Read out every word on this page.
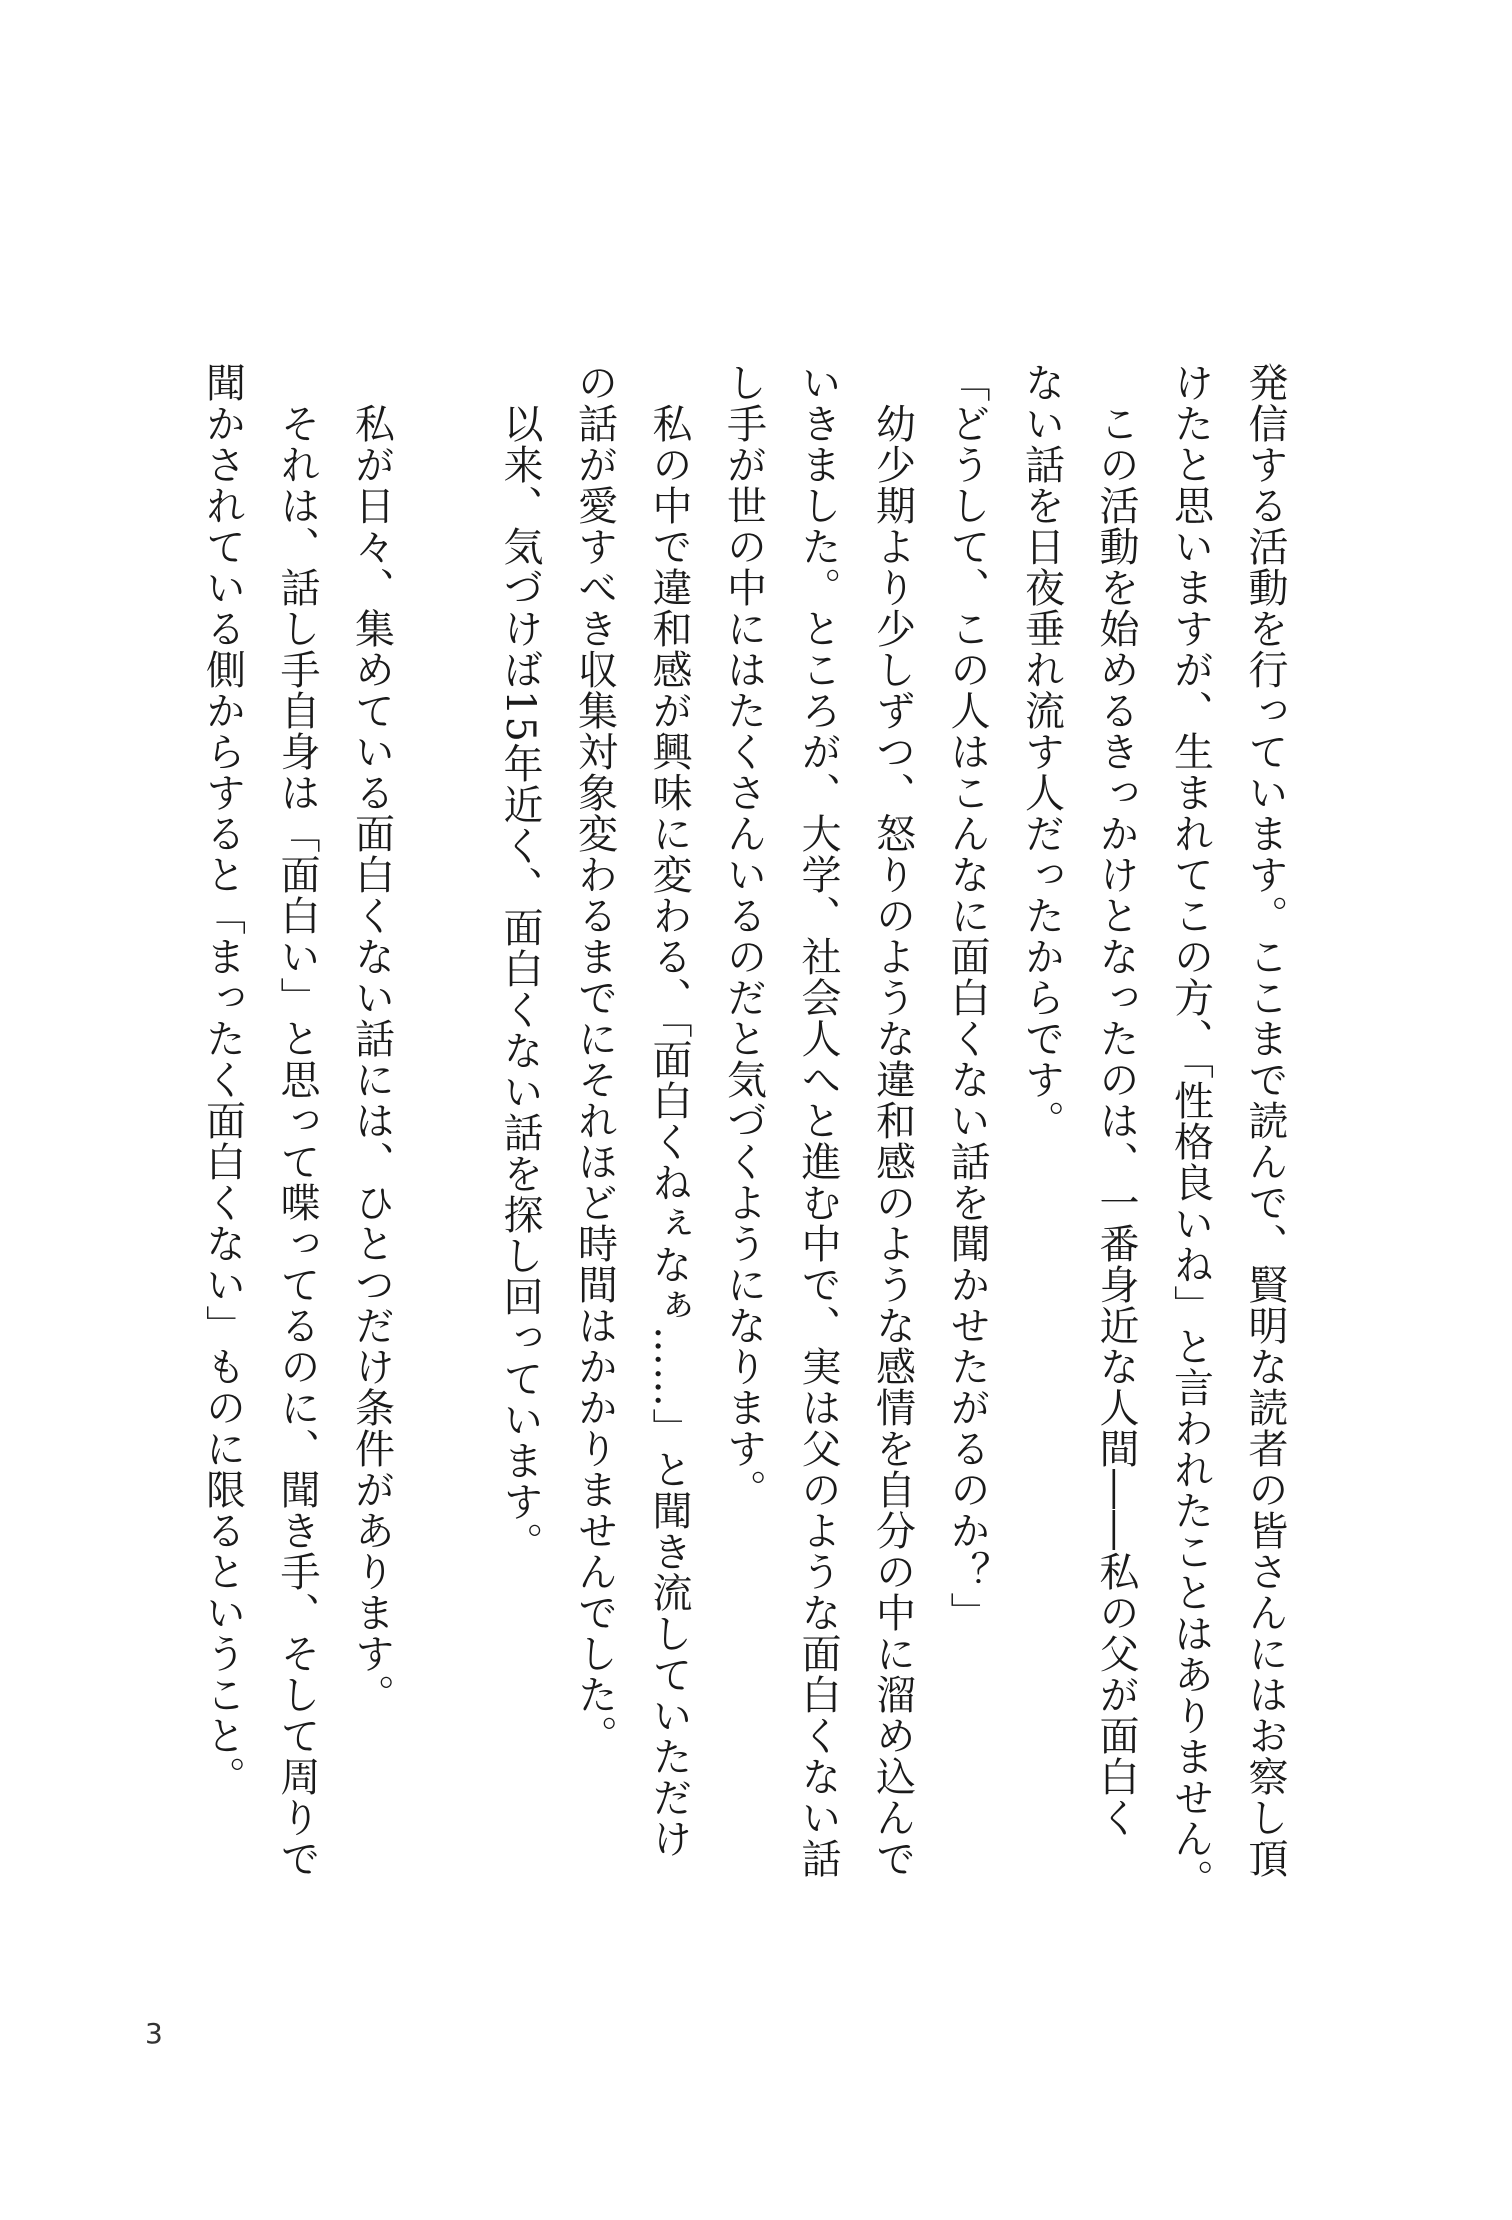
発信する活動を行っています。ここまで読んで、賢明な読者の皆さんにはお察し頂
けたと思いますが、生まれてこの方、「性格良いね」と言われたことはありません。
　この活動を始めるきっかけとなったのは、一番身近な人間――私の父が面白く
ない話を日夜垂れ流す人だったからです。
「どうして、この人はこんなに面白くない話を聞かせたがるのか？」
　幼少期より少しずつ、怒りのような違和感のような感情を自分の中に溜め込んで
いきました。ところが、大学、社会人へと進む中で、実は父のような面白くない話
し手が世の中にはたくさんいるのだと気づくようになります。
　私の中で違和感が興味に変わる、「面白くねぇなぁ……」と聞き流していただけ
の話が愛すべき収集対象変わるまでにそれほど時間はかかりませんでした。
　以来、気づけば15年近く、面白くない話を探し回っています。
　私が日々、集めている面白くない話には、ひとつだけ条件があります。
　それは、話し手自身は「面白い」と思って喋ってるのに、聞き手、そして周りで
聞かされている側からすると「まったく面白くない」ものに限るということ。
3
